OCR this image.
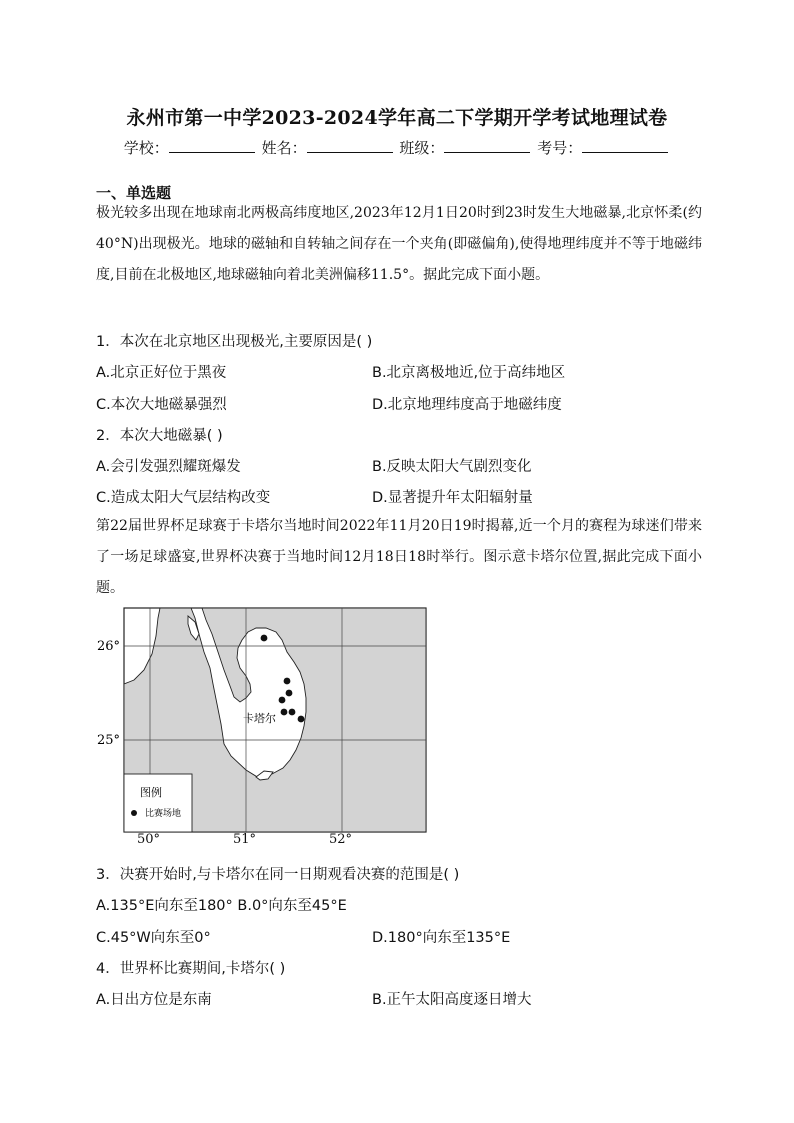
永州市第一中学2023-2024学年高二下学期开学考试地理试卷
学校：	姓名：	班级：	考号：
一、单选题
极光较多出现在地球南北两极高纬度地区,2023年12月1日20时到23时发生大地磁暴,北京怀柔(约40°N)出现极光。地球的磁轴和自转轴之间存在一个夹角(即磁偏角),使得地理纬度并不等于地磁纬度,目前在北极地区,地球磁轴向着北美洲偏移11.5°。据此完成下面小题。
1．本次在北京地区出现极光,主要原因是( )
A.北京正好位于黑夜	B.北京离极地近,位于高纬地区
C.本次大地磁暴强烈	D.北京地理纬度高于地磁纬度
2．本次大地磁暴( )
A.会引发强烈耀斑爆发	B.反映太阳大气剧烈变化
C.造成太阳大气层结构改变	D.显著提升年太阳辐射量
第22届世界杯足球赛于卡塔尔当地时间2022年11月20日19时揭幕,近一个月的赛程为球迷们带来了一场足球盛宴,世界杯决赛于当地时间12月18日18时举行。图示意卡塔尔位置,据此完成下面小题。
26°
25°
卡塔尔
图例
比赛场地
50°	51°	52°
3．决赛开始时,与卡塔尔在同一日期观看决赛的范围是( )
A.135°E向东至180° B.0°向东至45°E
C.45°W向东至0°	D.180°向东至135°E
4．世界杯比赛期间,卡塔尔( )
A.日出方位是东南	B.正午太阳高度逐日增大
